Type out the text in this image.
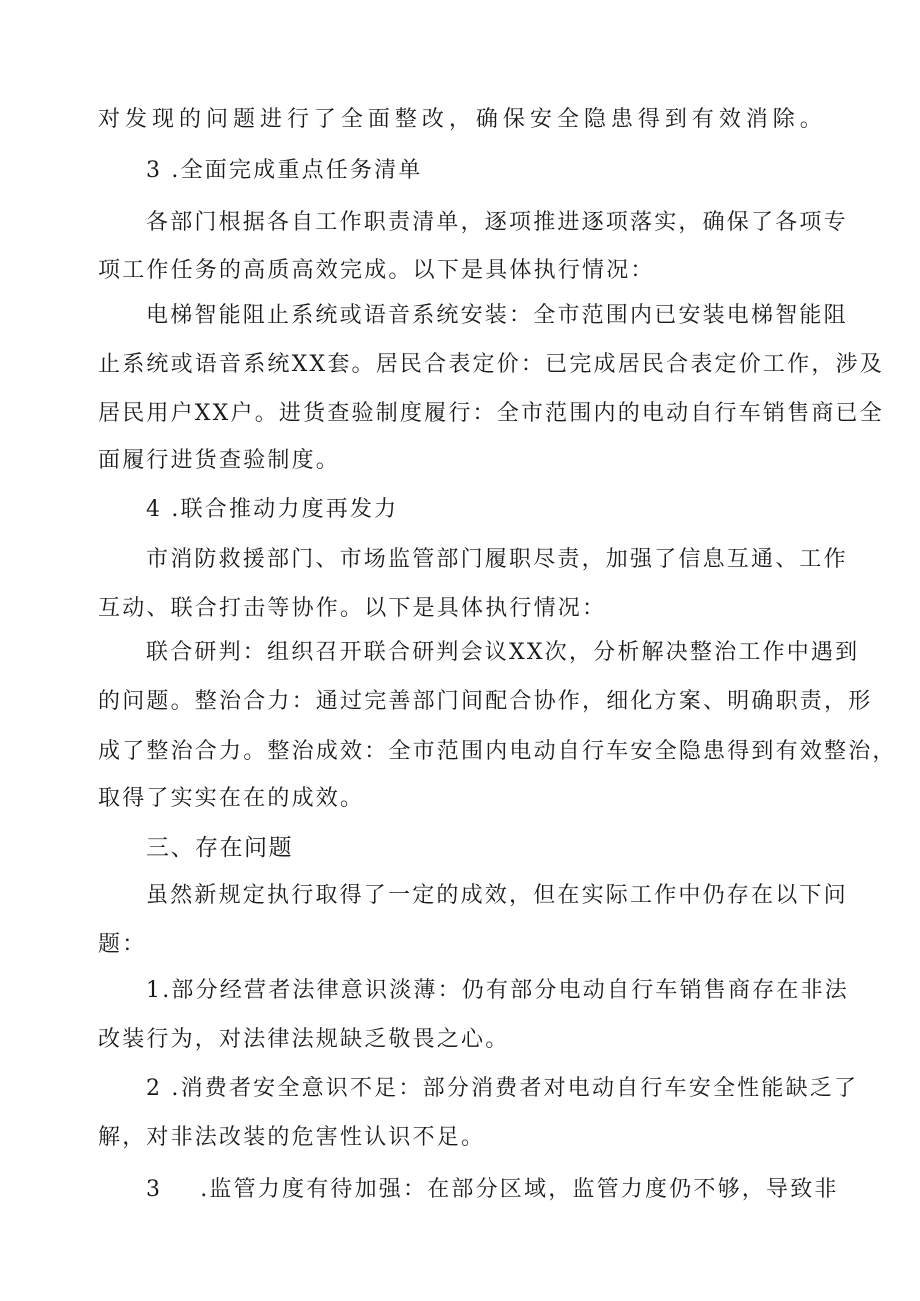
对发现的问题进行了全面整改，确保安全隐患得到有效消除。
3 .全面完成重点任务清单
各部门根据各自工作职责清单，逐项推进逐项落实，确保了各项专
项工作任务的高质高效完成。以下是具体执行情况：
电梯智能阻止系统或语音系统安装：全市范围内已安装电梯智能阻
止系统或语音系统XX套。居民合表定价：已完成居民合表定价工作，涉及
居民用户XX户。进货查验制度履行：全市范围内的电动自行车销售商已全
面履行进货查验制度。
4 .联合推动力度再发力
市消防救援部门、市场监管部门履职尽责，加强了信息互通、工作
互动、联合打击等协作。以下是具体执行情况：
联合研判：组织召开联合研判会议XX次，分析解决整治工作中遇到
的问题。整治合力：通过完善部门间配合协作，细化方案、明确职责，形
成了整治合力。整治成效：全市范围内电动自行车安全隐患得到有效整治，
取得了实实在在的成效。
三、存在问题
虽然新规定执行取得了一定的成效，但在实际工作中仍存在以下问
题：
1.部分经营者法律意识淡薄：仍有部分电动自行车销售商存在非法
改装行为，对法律法规缺乏敬畏之心。
2 .消费者安全意识不足：部分消费者对电动自行车安全性能缺乏了
解，对非法改装的危害性认识不足。
3 .监管力度有待加强：在部分区域，监管力度仍不够，导致非
